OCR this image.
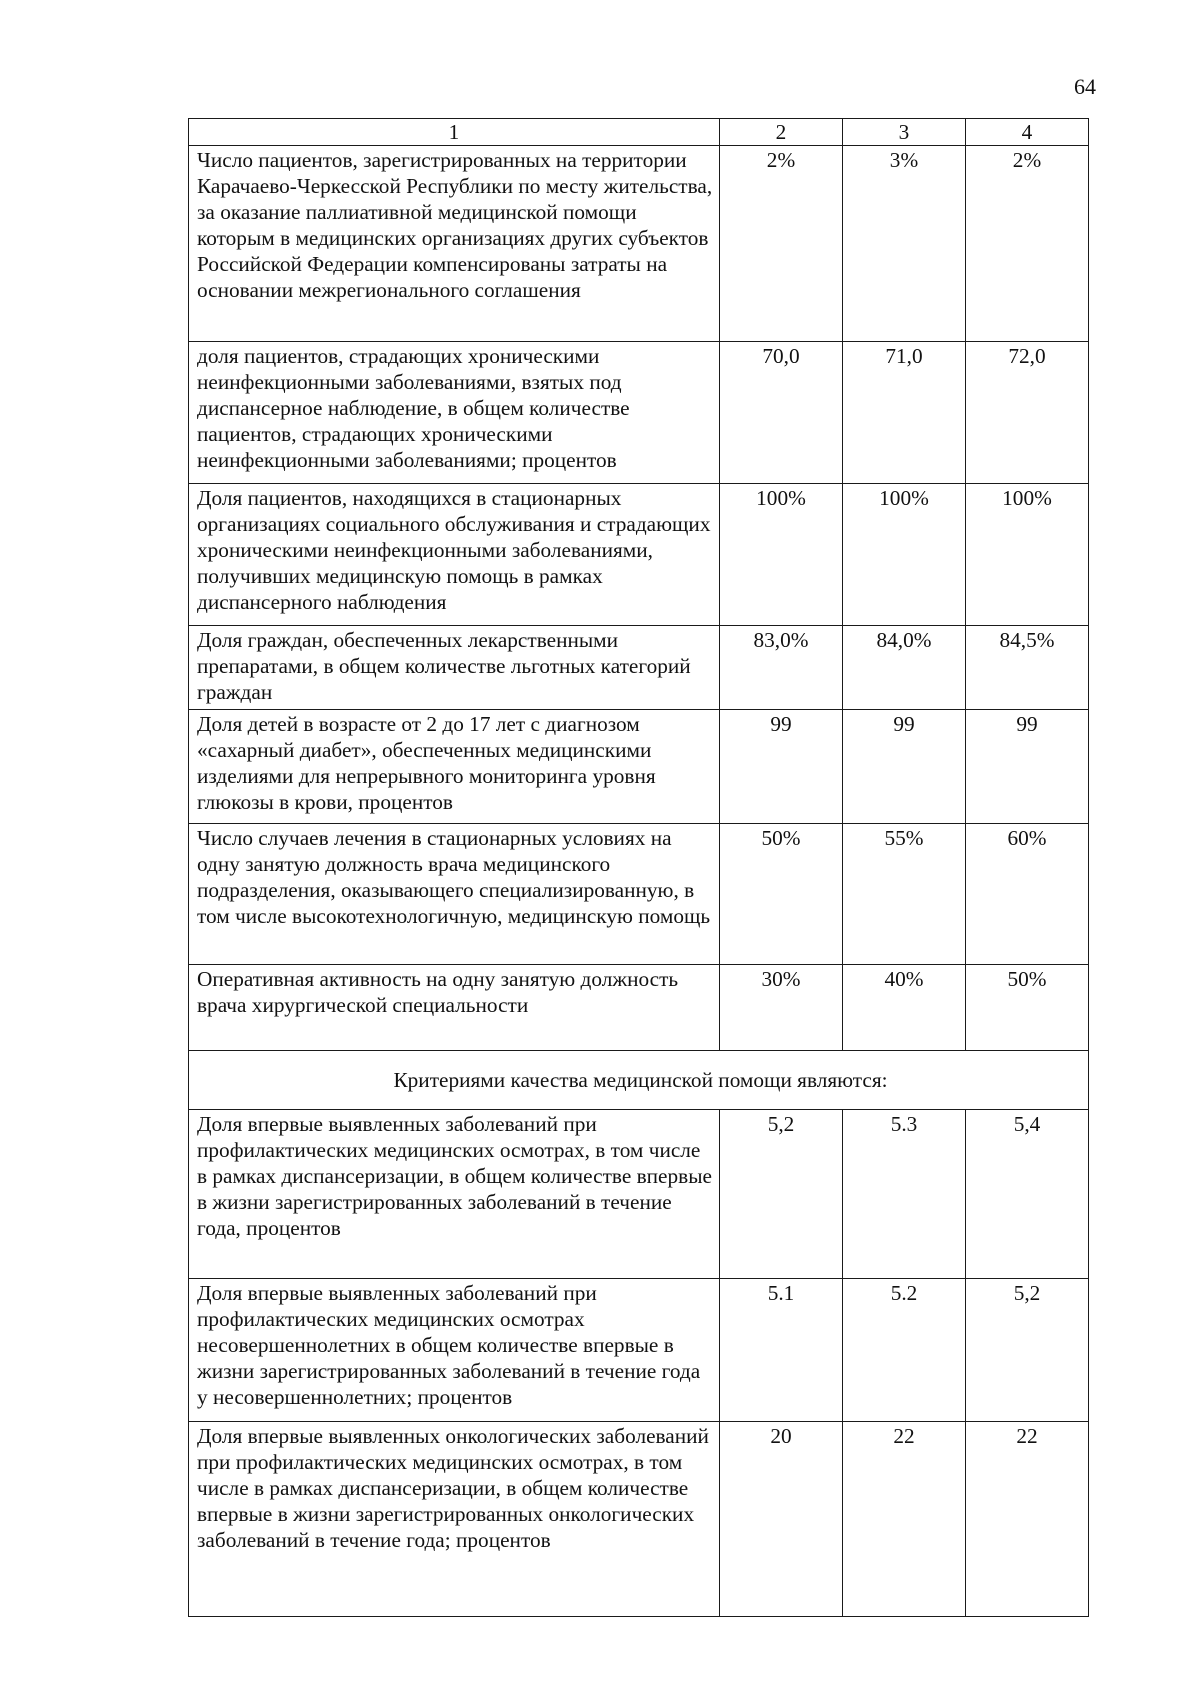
64
1	2	3	4
Число пациентов, зарегистрированных на территории Карачаево-Черкесской Республики по месту жительства, за оказание паллиативной медицинской помощи которым в медицинских организациях других субъектов Российской Федерации компенсированы затраты на основании межрегионального соглашения	2%	3%	2%
доля пациентов, страдающих хроническими неинфекционными заболеваниями, взятых под диспансерное наблюдение, в общем количестве пациентов, страдающих хроническими неинфекционными заболеваниями; процентов	70,0	71,0	72,0
Доля пациентов, находящихся в стационарных организациях социального обслуживания и страдающих хроническими неинфекционными заболеваниями, получивших медицинскую помощь в рамках диспансерного наблюдения	100%	100%	100%
Доля граждан, обеспеченных лекарственными препаратами, в общем количестве льготных категорий граждан	83,0%	84,0%	84,5%
Доля детей в возрасте от 2 до 17 лет с диагнозом «сахарный диабет», обеспеченных медицинскими изделиями для непрерывного мониторинга уровня глюкозы в крови, процентов	99	99	99
Число случаев лечения в стационарных условиях на одну занятую должность врача медицинского подразделения, оказывающего специализированную, в том числе высокотехнологичную, медицинскую помощь	50%	55%	60%
Оперативная активность на одну занятую должность врача хирургической специальности	30%	40%	50%
Критериями качества медицинской помощи являются:			
Доля впервые выявленных заболеваний при профилактических медицинских осмотрах, в том числе в рамках диспансеризации, в общем количестве впервые в жизни зарегистрированных заболеваний в течение года, процентов	5,2	5.3	5,4
Доля впервые выявленных заболеваний при профилактических медицинских осмотрах несовершеннолетних в общем количестве впервые в жизни зарегистрированных заболеваний в течение года у несовершеннолетних; процентов	5.1	5.2	5,2
Доля впервые выявленных онкологических заболеваний при профилактических медицинских осмотрах, в том числе в рамках диспансеризации, в общем количестве впервые в жизни зарегистрированных онкологических заболеваний в течение года; процентов	20	22	22
